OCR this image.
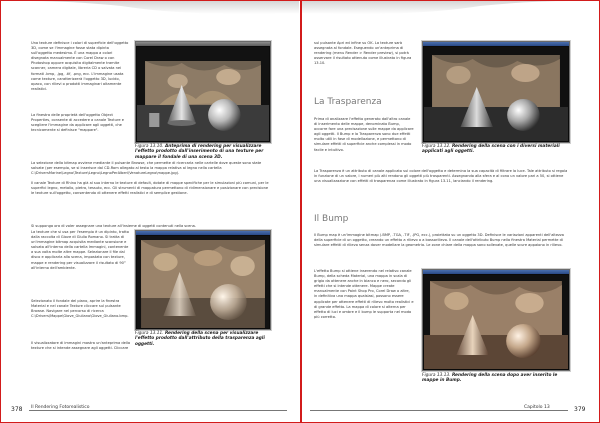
Una texture definisce i colori di superficie dell'oggetto 3D, come se l'immagine fosse stata dipinta sull'oggetto medesimo. È una mappa a colori disegnata manualmente con Corel Draw o con Photoshop oppure acquisita digitalmente tramite scanner, camera digitale, libreria CD o salvata nei formati .bmp, .jpg, .tif, .png, ecc. L'immagine usata come texture, caratterizzerà l'oggetto 3D, lucido, opaco, con rilievi o prodotti immaginari altamente realistici.

La finestra delle proprietà dell'oggetto Object Properties, consente di accedere a canale Texture e scegliere l'immagine da applicare agli oggetti, che tecnicamente si definisce "mappare".

La selezione della bitmap avviene mediante il pulsante Browse, che permette di ricercarla nelle cartelle dove queste sono state salvate (per esempio, se si inserisce dal CD-Rom allegato al testo la mappa relativa al legno nella cartella C:\DriversMarine\Legno\Texture\Legno\LegnoPerAlberi\VenatureLegno\mappe.jpg).

Il canale Texture di Rhino ha già al suo interno le texture di default, dotate di mappe specifiche per le simulazioni più comuni, per le superfici legno, metallo, pietra, tessuto, ecc. Gli strumenti di mappatura permettono di ridimensionare e posizionare con precisione le texture sull'oggetto, consentendo di ottenere effetti realistici e di semplice gestione.

Si supponga ora di voler assegnare una texture all'insieme di oggetti contenuti nella scena.

La texture che si usa per l'esempio è un dipinto, tratto dalla raccolta di Giove di Giulio Romano. Si tratta di un'immagine bitmap acquisita mediante scansione e salvata all'interno della cartella Immagini, contenente a sua volta molte altre mappe. Selezionare il file dal disco e applicarla alla scena, impostata con texture, mappe e rendering per visualizzare il risultato di 90° all'interno dell'ambiente.

Selezionato il fondale del piano, aprire la finestra Material e nel canale Texture cliccare sul pulsante Browse. Navigare nel percorso di ricerca C:\Drivers\Mappe\Giove_Giuliano\Giove_Giuliano.bmp.

Il visualizzatore di immagini mostra un'anteprima della texture che si intende assegnare agli oggetti. Cliccare

Figura 13.10. Anteprima di rendering per visualizzare l'effetto prodotto dall'inserimento di una texture per mappare il fondale di una scena 3D.

Figura 13.11. Rendering della scena per visualizzare l'effetto prodotto dall'attributo della trasparenza agli oggetti.

378 Il Rendering Fotorealistico

sul pulsante Apri ed infine su OK. La texture sarà assegnata al fondale. Eseguendo un'anteprima di rendering (menu Render > Render preview), si potrà osservare il risultato ottenuto come illustrato in figura 13.10.

La Trasparenza

Prima di analizzare l'effetto generato dall'altro canale di inserimento delle mappe, denominato Bump, occorre fare una precisazione sulle mappe da applicare agli oggetti. Il Bump e la Trasparenza sono due effetti molto utili in fase di modellazione, e permettono di simulare effetti di superficie anche complessi in modo facile e intuitivo.

La Trasparenza è un attributo di canale applicato sul colore dell'oggetto e determina la sua capacità di filtrare la luce. Tale attributo si regola in funzione di un valore, i numeri più alti rendono gli oggetti più trasparenti. Assegnando alla sfera e al cono un valore pari a 50, si ottiene una visualizzazione con effetti di trasparenza come illustrato in figura 13.11, lanciando il rendering.

Il Bump

Il Bump map è un'immagine bitmap (.BMP, .TGA, .TIF, .JPG, ecc.), proiettata su un oggetto 3D. Definisce le variazioni apparenti dell'altezza della superficie di un oggetto, creando un effetto a rilievo o a bassorilievo. Il canale dell'attributo Bump nella finestra Material permette di simulare effetti di rilievo senza dover modellare la geometria. Le zone chiare della mappa sono sollevate, quelle scure appaiono in rilievo.

L'effetto Bump si ottiene inserendo nel relativo canale Bump, della scheda Material, una mappa in scala di grigio da ottenere anche in bianco e nero, secondo gli effetti che si intende ottenere. Mappe create manualmente con Paint Shop Pro, Corel Draw o altre, in definitiva una mappa qualsiasi, possono essere applicate per ottenere effetti di rilievo molto realistici e di grande effetto. La mappa di colore si alterna per effetto di luci e ombre e il bump le supporta nel modo più corretto.

Figura 13.12. Rendering della scena con i diversi materiali applicati agli oggetti.

Figura 13.13. Rendering della scena dopo aver inserito le mappe in Bump.

Capitolo 13	379
